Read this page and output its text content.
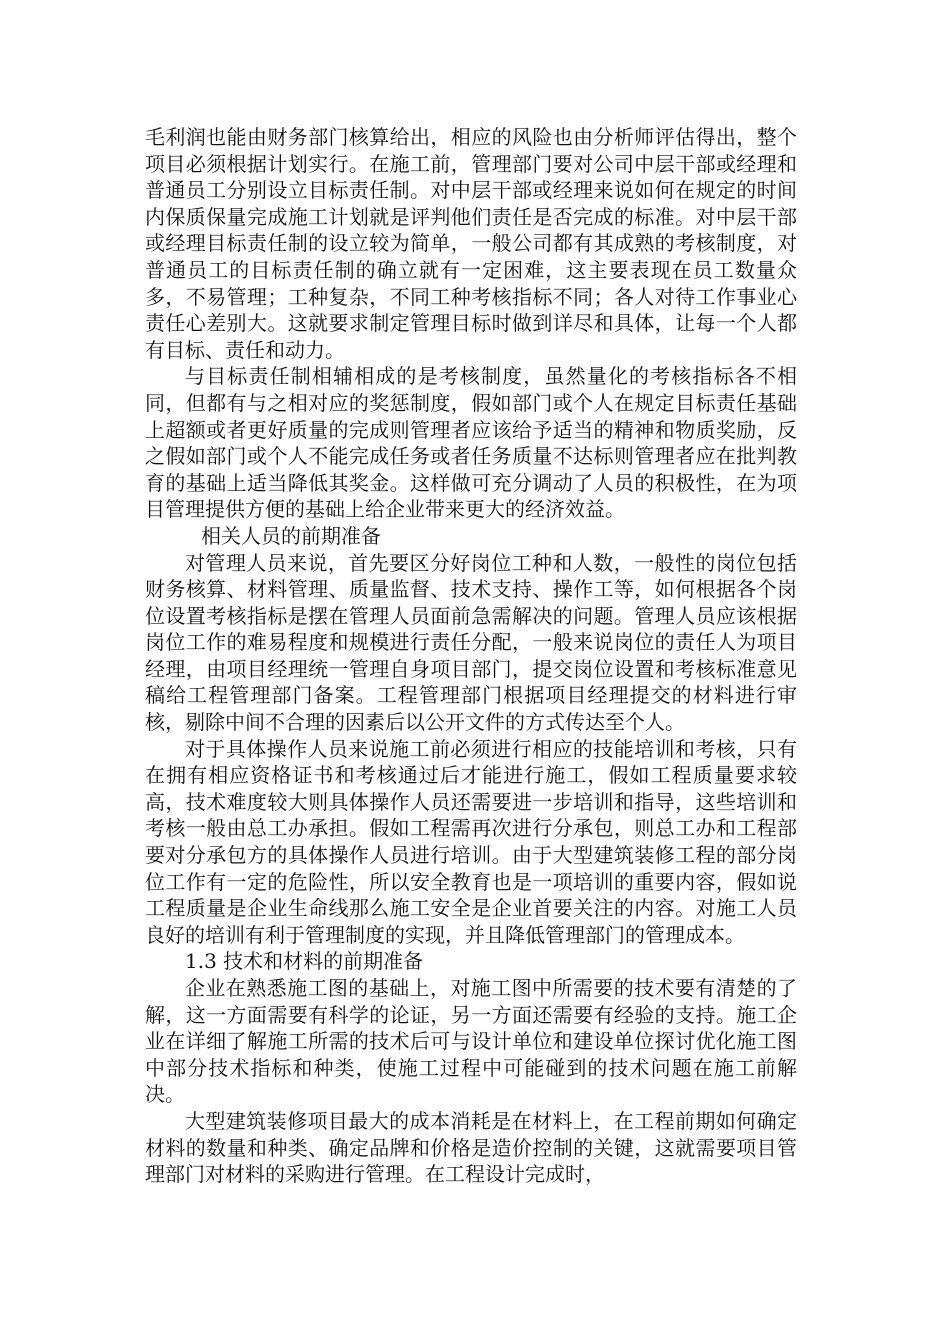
毛利润也能由财务部门核算给出，相应的风险也由分析师评估得出，整个项目必须根据计划实行。在施工前，管理部门要对公司中层干部或经理和普通员工分别设立目标责任制。对中层干部或经理来说如何在规定的时间内保质保量完成施工计划就是评判他们责任是否完成的标准。对中层干部或经理目标责任制的设立较为简单，一般公司都有其成熟的考核制度，对普通员工的目标责任制的确立就有一定困难，这主要表现在员工数量众多，不易管理；工种复杂，不同工种考核指标不同；各人对待工作事业心责任心差别大。这就要求制定管理目标时做到详尽和具体，让每一个人都有目标、责任和动力。

与目标责任制相辅相成的是考核制度，虽然量化的考核指标各不相同，但都有与之相对应的奖惩制度，假如部门或个人在规定目标责任基础上超额或者更好质量的完成则管理者应该给予适当的精神和物质奖励，反之假如部门或个人不能完成任务或者任务质量不达标则管理者应在批判教育的基础上适当降低其奖金。这样做可充分调动了人员的积极性，在为项目管理提供方便的基础上给企业带来更大的经济效益。

相关人员的前期准备

对管理人员来说，首先要区分好岗位工种和人数，一般性的岗位包括财务核算、材料管理、质量监督、技术支持、操作工等，如何根据各个岗位设置考核指标是摆在管理人员面前急需解决的问题。管理人员应该根据岗位工作的难易程度和规模进行责任分配，一般来说岗位的责任人为项目经理，由项目经理统一管理自身项目部门，提交岗位设置和考核标准意见稿给工程管理部门备案。工程管理部门根据项目经理提交的材料进行审核，剔除中间不合理的因素后以公开文件的方式传达至个人。

对于具体操作人员来说施工前必须进行相应的技能培训和考核，只有在拥有相应资格证书和考核通过后才能进行施工，假如工程质量要求较高，技术难度较大则具体操作人员还需要进一步培训和指导，这些培训和考核一般由总工办承担。假如工程需再次进行分承包，则总工办和工程部要对分承包方的具体操作人员进行培训。由于大型建筑装修工程的部分岗位工作有一定的危险性，所以安全教育也是一项培训的重要内容，假如说工程质量是企业生命线那么施工安全是企业首要关注的内容。对施工人员良好的培训有利于管理制度的实现，并且降低管理部门的管理成本。

1.3 技术和材料的前期准备

企业在熟悉施工图的基础上，对施工图中所需要的技术要有清楚的了解，这一方面需要有科学的论证，另一方面还需要有经验的支持。施工企业在详细了解施工所需的技术后可与设计单位和建设单位探讨优化施工图中部分技术指标和种类，使施工过程中可能碰到的技术问题在施工前解决。

大型建筑装修项目最大的成本消耗是在材料上，在工程前期如何确定材料的数量和种类、确定品牌和价格是造价控制的关键，这就需要项目管理部门对材料的采购进行管理。在工程设计完成时，
